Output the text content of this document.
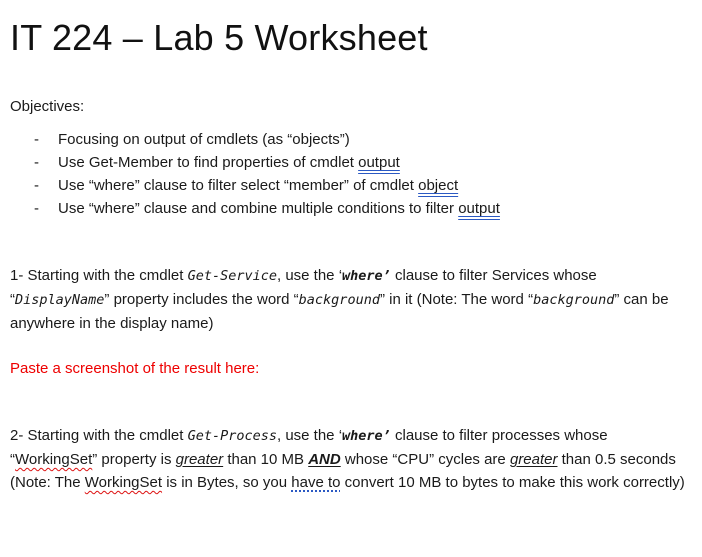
IT 224 – Lab 5 Worksheet
Objectives:
- Focusing on output of cmdlets (as “objects”)
- Use Get-Member to find properties of cmdlet output
- Use “where” clause to filter select “member” of cmdlet object
- Use “where” clause and combine multiple conditions to filter output

1- Starting with the cmdlet Get-Service, use the ‘where’ clause to filter Services whose “DisplayName” property includes the word “background” in it (Note: The word “background” can be anywhere in the display name)

Paste a screenshot of the result here:

2- Starting with the cmdlet Get-Process, use the ‘where’ clause to filter processes whose “WorkingSet” property is greater than 10 MB AND whose “CPU” cycles are greater than 0.5 seconds (Note: The WorkingSet is in Bytes, so you have to convert 10 MB to bytes to make this work correctly)
